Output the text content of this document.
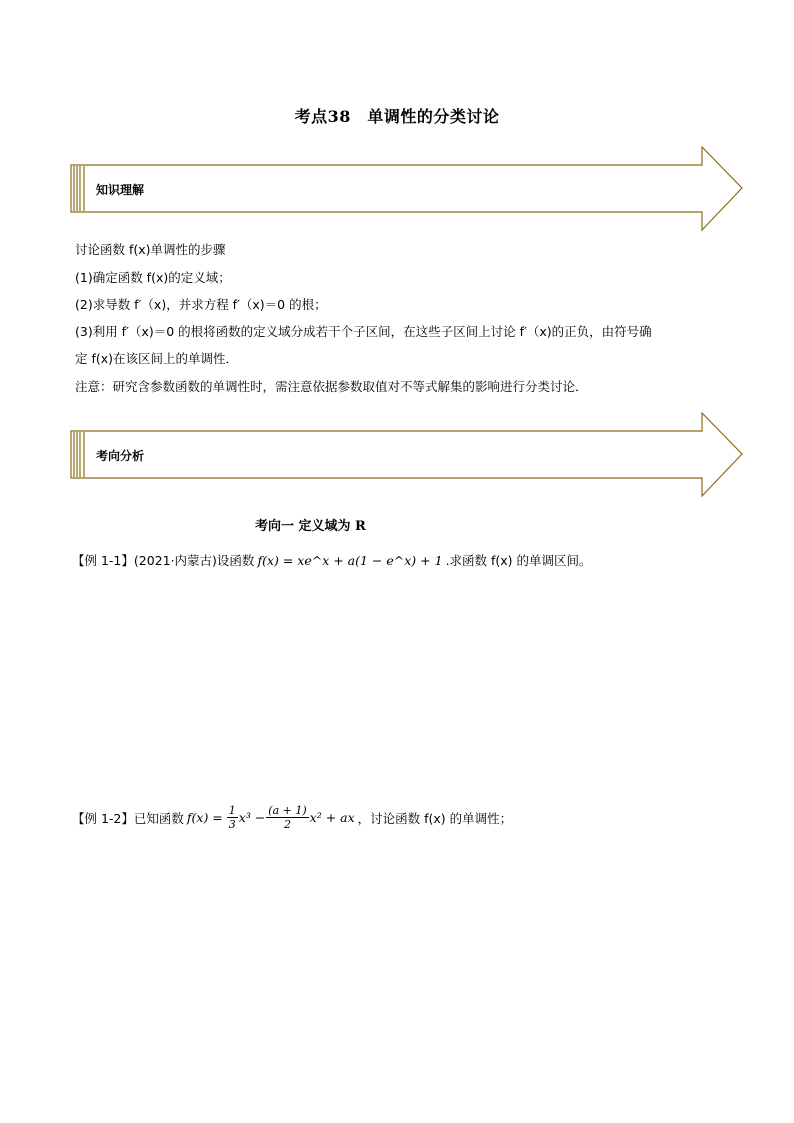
考点38　单调性的分类讨论
知识理解
讨论函数 f(x)单调性的步骤
(1)确定函数 f(x)的定义域；
(2)求导数 f′（x)，并求方程 f′（x)＝0 的根；
(3)利用 f′（x)＝0 的根将函数的定义域分成若干个子区间，在这些子区间上讨论 f′（x)的正负，由符号确
定 f(x)在该区间上的单调性．
注意：研究含参数函数的单调性时，需注意依据参数取值对不等式解集的影响进行分类讨论．
考向分析
考向一 定义域为 R
【例 1-1】(2021·内蒙古)设函数 f(x) = xe^x + a(1 − e^x) + 1 .求函数 f(x) 的单调区间。
【例 1-2】已知函数 $f(x) = \frac{1}{3} x^3 - \frac{(a + 1)}{2} x^2$ + ax ，讨论函数 f(x) 的单调性；
